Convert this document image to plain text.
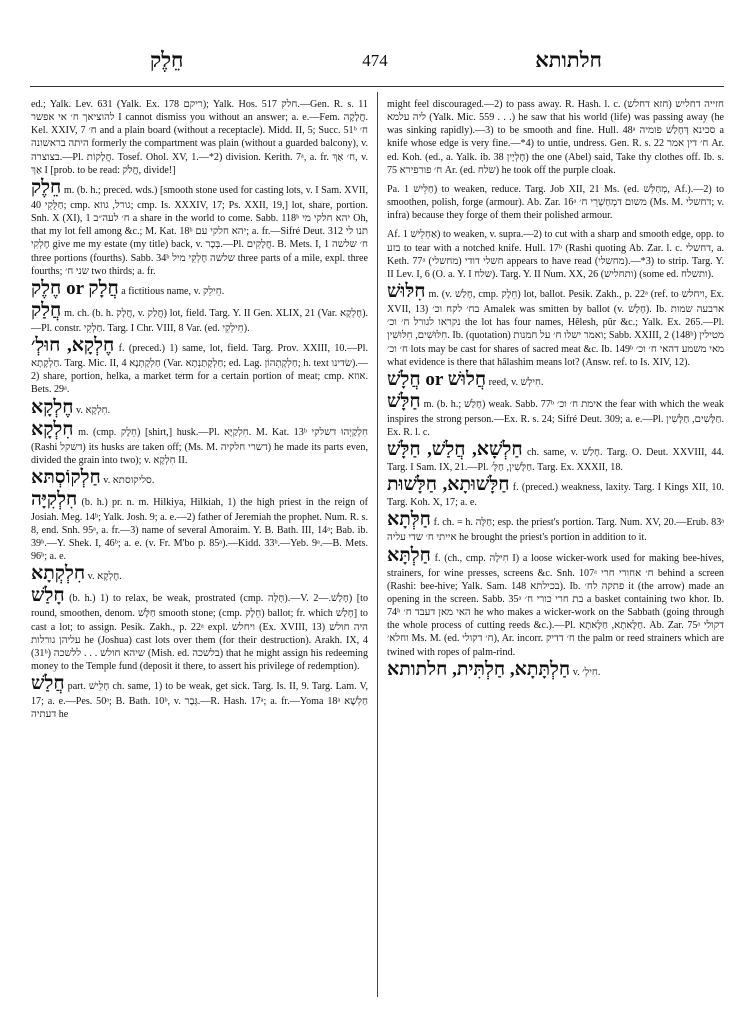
חֵלֶק	474	חלתותא

ed.; Yalk. Lev. 631 (Yalk. Ex. 178 ריקם); Yalk. Hos. 517 חלק.—Gen. R. s. 11 להוציאך ח׳ אי אפשר I cannot dismiss you without an answer; a. e.—Fem. חֲלָקָה. Kel. XXIV, 7 ח׳ and a plain board (without a receptacle). Midd. II, 5; Succ. 51ᵇ ח׳ היתה בראשונה formerly the compartment was plain (without a guarded balcony), v. בצוצרה.—Pl. חֲלָקוֹת. Tosef. Ohol. XV, 1.—*2) division. Kerith. 7ᵃ, a. fr. ח׳ אַךְ, v. אַךְ I [prob. to be read: חֲלֹק, divide!]

חֵלֶק m. (b. h.; preced. wds.) [smooth stone used for casting lots, v. I Sam. XVII, 40 חַלֻּקֵי; cmp. גורל, גוזא; cmp. Is. XXXIV, 17; Ps. XXII, 19,] lot, share, portion. Snh. X (XI), 1 ח׳ לעה״ב a share in the world to come. Sabb. 118ᵇ יהא חלקי מי Oh, that my lot fell among &c.; M. Kat. 18ᵇ יהא חלקי עם; a. fr.—Sifré Deut. 312 תנו לי חֶלְקִי give me my estate (my title) back, v. בְּכָר.—Pl. חֲלָקִים. B. Mets. I, 1 ח׳ שלשה three portions (fourths). Sabb. 34ᵇ שלשה חֶלְקֵי מיל three parts of a mile, expl. three fourths; שני ח׳ two thirds; a. fr.

חֶלֶק or חֲלָק a fictitious name, v. חֵילֵק.

חֲלַק m. ch. (b. h. חֲלָק, v. חֲלַק) lot, field. Targ. Y. II Gen. XLIX, 21 (Var. חֶלְקָא).—Pl. constr. חַלְקֵי. Targ. I Chr. VIII, 8 Var. (ed. חֵילְקֵי).

חֶלְקָא, חוּלְ׳ f. (preced.) 1) same, lot, field. Targ. Prov. XXIII, 10.—Pl. חַלְקָתָא. Targ. Mic. II, 4 חַלְקָתְנָא (Var. חַלְקָתַנְתָא; ed. Lag. חַלְקָתְהוֹן; h. text שׂדינו).—2) share, portion, helka, a market term for a certain portion of meat; cmp. אוזא. Bets. 29ᵃ.

חֶלְקָא v. חִלְקָא.

חִלְקָא m. (cmp. חֵלֶק) [shirt,] husk.—Pl. חִלְקַיָּא. M. Kat. 13ᵇ חִלְקַיְהוּ דשלקי (Rashi דשקל) its husks are taken off; (Ms. M. דשרי חלקיה) he made its parts even, divided the grain into two); v. חִלְקָא II.

חַלְקוֹסְתּא v. סליקוסתא.

חִלְקִיָּה (b. h.) pr. n. m. Hilkiya, Hilkiah, 1) the high priest in the reign of Josiah. Meg. 14ᵇ; Yalk. Josh. 9; a. e.—2) father of Jeremiah the prophet. Num. R. s. 8, end. Snh. 95ᵃ, a. fr.—3) name of several Amoraim. Y. B. Bath. III, 14ᵃ; Bab. ib. 39ᵇ.—Y. Shek. I, 46ᵇ; a. e. (v. Fr. M'bo p. 85ᵃ).—Kidd. 33ᵇ.—Yeb. 9ᵃ.—B. Mets. 96ᵇ; a. e.

חִלְקְתָא v. חֶלְקָא.

חָלַשׁ (b. h.) 1) to relax, be weak, prostrated (cmp. חָלָה).—V. חָלַשׁ.—2) [to round, smoothen, denom. חַלָּשׁ smooth stone; (cmp. חֵלֶק) ballot; fr. which חָלַשׁ] to cast a lot; to assign. Pesik. Zakh., p. 22ᵃ expl. ויחלש (Ex. XVIII, 13) היה חולש עליהן גורלות he (Joshua) cast lots over them (for their destruction). Arakh. IX, 4 (31ᵇ) שיהא חולש . . . ללשכה (Mish. ed. בלשכה) that he might assign his redeeming money to the Temple fund (deposit it there, to assert his privilege of redemption).

חֲלַשׁ part. חָלֵישׁ ch. same, 1) to be weak, get sick. Targ. Is. II, 9. Targ. Lam. V, 17; a. e.—Pes. 50ᵃ; B. Bath. 10ᵇ, v. גְּבַר.—R. Hash. 17ᵃ; a. fr.—Yoma 18ᵃ חַלְשָׁא דעתיה he

might feel discouraged.—2) to pass away. R. Hash. l. c. (חזא דחלש) חזייה דחליש ליה עלמא (Yalk. Mic. 559 . . .) he saw that his world (life) was passing away (he was sinking rapidly).—3) to be smooth and fine. Hull. 48ᵃ סכינא דְּחָלַשׁ פומיה a knife whose edge is very fine.—*4) to untie, undress. Gen. R. s. 22 ח׳ דין אמר Ar. ed. Koh. (ed., a. Yalk. ib. 38 חָלְיָין) the one (Abel) said, Take thy clothes off. Ib. s. 75 ח׳ פורפירא Ar. (ed. שלח) he took off the purple cloak.

Pa. חַלֵּישׁ 1) to weaken, reduce. Targ. Job XII, 21 Ms. (ed. מְחַלֵּשׁ, Af.).—2) to smoothen, polish, forge (armour). Ab. Zar. 16ᵃ משום דמְחַשְׁרֵי ח׳ (Ms. M. דחשלי; v. infra) because they forge of them their polished armour.

Af. אַחְלֵישׁ 1) to weaken, v. supra.—2) to cut with a sharp and smooth edge, opp. to בזע to tear with a notched knife. Hull. 17ᵇ (Rashi quoting Ab. Zar. l. c. דחשלי, a. Keth. 77ᵃ חשלי דודי (מחשלי) appears to have read (מחשלי).—*3) to strip. Targ. Y. II Lev. I, 6 (O. a. Y. I שלח). Targ. Y. II Num. XX, 26 (ותחליש) (some ed. ותשלח).

חִלּוּשׁ m. (v. חָלַשׁ, cmp. חֵלֶק) lot, ballot. Pesik. Zakh., p. 22ᵃ (ref. to ויחלש, Ex. XVII, 13) בח׳ לקח וכ׳ Amalek was smitten by ballot (v. חָלַשׁ). Ib. ארבעה שמות נקראו לגורל ח׳ וכ׳ the lot has four names, Hêlesh, pûr &c.; Yalk. Ex. 265.—Pl. חִלּוּשִׁים, חִלּוּשִׁין. Ib. (quotation) ואמר ישלו ח׳ על חמנות; Sabb. XXIII, 2 (148ᵇ) מטילין ח׳ וכ׳ lots may be cast for shares of sacred meat &c. Ib. 149ᵇ מאי משמע דהאי ח׳ וכ׳ what evidence is there that hâlashim means lot? (Answ. ref. to Is. XIV, 12).

חֲלָשׁ or חֲלוּשׁ reed, v. חִילְשׁ.

חַלָּשׁ m. (b. h.; חָלַשׁ) weak. Sabb. 77ᵇ אימת ח׳ וכ׳ the fear with which the weak inspires the strong person.—Ex. R. s. 24; Sifré Deut. 309; a. e.—Pl. חַלָּשִׁים, חַלָּשִׁין. Ex. R. l. c.

חַלְשָׁא, חֲלַשׁ, חַלָּשׁ ch. same, v. חָלַשׁ. Targ. O. Deut. XXVIII, 44. Targ. I Sam. IX, 21.—Pl. חַלָּשִׁין, חַלָּ׳. Targ. Ex. XXXII, 18.

חַלָּשׁוּתָא, חַלָּשׁוּת f. (preced.) weakness, laxity. Targ. I Kings XII, 10. Targ. Koh. X, 17; a. e.

חַלְּתָא f. ch. = h. חַלָּה; esp. the priest's portion. Targ. Num. XV, 20.—Erub. 83ᵃ אייתי ח׳ שדי עליה he brought the priest's portion in addition to it.

חַלְתָּא f. (ch., cmp. חִילָה I) a loose wicker-work used for making bee-hives, strainers, for wine presses, screens &c. Snh. 107ᵃ ח׳ אחורי חרי behind a screen (Rashi: bee-hive; Yalk. Sam. 148 בכילתא). Ib. פתקה לח׳ it (the arrow) made an opening in the screen. Sabb. 35ᵃ בת חרי כורי ח׳ a basket containing two khor. Ib. 74ᵇ האי מאן דעבד ח׳ he who makes a wicker-work on the Sabbath (going through the whole process of cutting reeds &c.).—Pl. חַלָּאתָא, חַלָּאתָא. Ab. Zar. 75ᵃ דקולי וחלא׳ Ms. M. (ed. ח׳ דקולי), Ar. incorr. ח׳ דדיק the palm or reed strainers which are twined with ropes of palm-rind.

חַלְתָּתָא, חַלְתִּית, חלתותא v. חִילְ׳.
